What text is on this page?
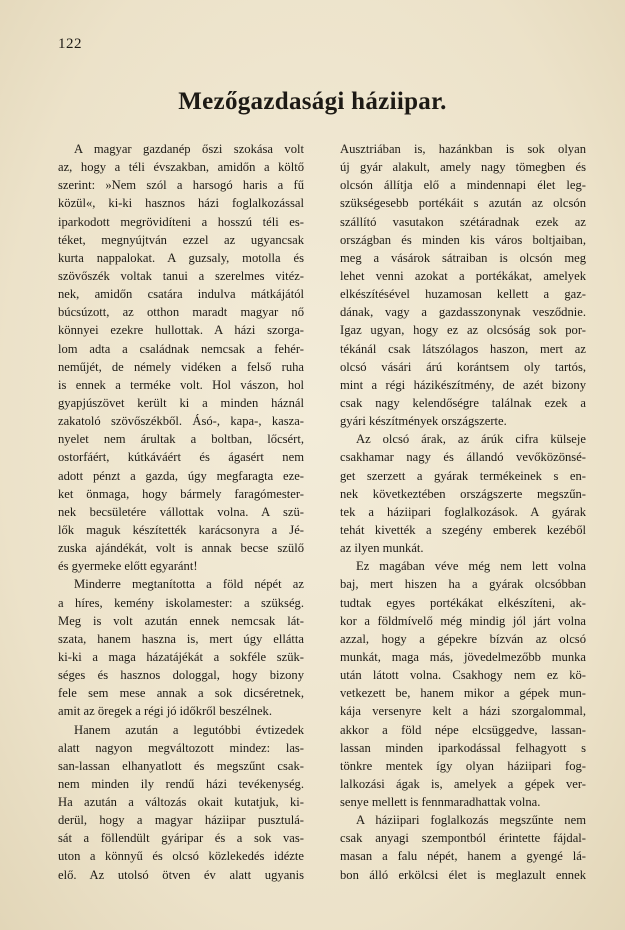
122
Mezőgazdasági háziipar.
A magyar gazdanép őszi szokása volt
az, hogy a téli évszakban, amidőn a költő
szerint: »Nem szól a harsogó haris a fű
közül«, ki-ki hasznos házi foglalkozással
iparkodott megrövidíteni a hosszú téli es-
téket, megnyújtván ezzel az ugyancsak
kurta nappalokat. A guzsaly, motolla és
szövőszék voltak tanui a szerelmes vitéz-
nek, amidőn csatára indulva mátkájától
búcsúzott, az otthon maradt magyar nő
könnyei ezekre hullottak. A házi szorga-
lom adta a családnak nemcsak a fehér-
neműjét, de némely vidéken a felső ruha
is ennek a terméke volt. Hol vászon, hol
gyapjúszövet került ki a minden háznál
zakatoló szövőszékből. Ásó-, kapa-, kasza-
nyelet nem árultak a boltban, lőcsért,
ostorfáért, kútkáváért és ágasért nem
adott pénzt a gazda, úgy megfaragta eze-
ket önmaga, hogy bármely faragómester-
nek becsületére vállottak volna. A szü-
lők maguk készítették karácsonyra a Jé-
zuska ajándékát, volt is annak becse szülő
és gyermeke előtt egyaránt!
Minderre megtanította a föld népét az
a híres, kemény iskolamester: a szükség.
Meg is volt azután ennek nemcsak lát-
szata, hanem haszna is, mert úgy ellátta
ki-ki a maga házatájékát a sokféle szük-
séges és hasznos dologgal, hogy bizony
fele sem mese annak a sok dicséretnek,
amit az öregek a régi jó időkről beszélnek.
Hanem azután a legutóbbi évtizedek
alatt nagyon megváltozott mindez: las-
san-lassan elhanyatlott és megszűnt csak-
nem minden ily rendű házi tevékenység.
Ha azután a változás okait kutatjuk, ki-
derül, hogy a magyar háziipar pusztulá-
sát a föllendült gyáripar és a sok vas-
uton a könnyű és olcsó közlekedés idézte
elő. Az utolsó ötven év alatt ugyanis
Ausztriában is, hazánkban is sok olyan
új gyár alakult, amely nagy tömegben és
olcsón állítja elő a mindennapi élet leg-
szükségesebb portékáit s azután az olcsón
szállító vasutakon szétáradnak ezek az
országban és minden kis város boltjaiban,
meg a vásárok sátraiban is olcsón meg
lehet venni azokat a portékákat, amelyek
elkészítésével huzamosan kellett a gaz-
dának, vagy a gazdasszonynak vesződnie.
Igaz ugyan, hogy ez az olcsóság sok por-
tékánál csak látszólagos haszon, mert az
olcsó vásári árú korántsem oly tartós,
mint a régi házikészítmény, de azét bizony
csak nagy kelendőségre találnak ezek a
gyári készítmények országszerte.
Az olcsó árak, az árúk cifra külseje
csakhamar nagy és állandó vevőközönsé-
get szerzett a gyárak termékeinek s en-
nek következtében országszerte megszűn-
tek a háziipari foglalkozások. A gyárak
tehát kivették a szegény emberek kezéből
az ilyen munkát.
Ez magában véve még nem lett volna
baj, mert hiszen ha a gyárak olcsóbban
tudtak egyes portékákat elkészíteni, ak-
kor a földmívelő még mindig jól járt volna
azzal, hogy a gépekre bízván az olcsó
munkát, maga más, jövedelmezőbb munka
után látott volna. Csakhogy nem ez kö-
vetkezett be, hanem mikor a gépek mun-
kája versenyre kelt a házi szorgalommal,
akkor a föld népe elcsüggedve, lassan-
lassan minden iparkodással felhagyott s
tönkre mentek így olyan háziipari fog-
lalkozási ágak is, amelyek a gépek ver-
senye mellett is fennmaradhattak volna.
A háziipari foglalkozás megszűnte nem
csak anyagi szempontból érintette fájdal-
masan a falu népét, hanem a gyengé lá-
bon álló erkölcsi élet is meglazult ennek
